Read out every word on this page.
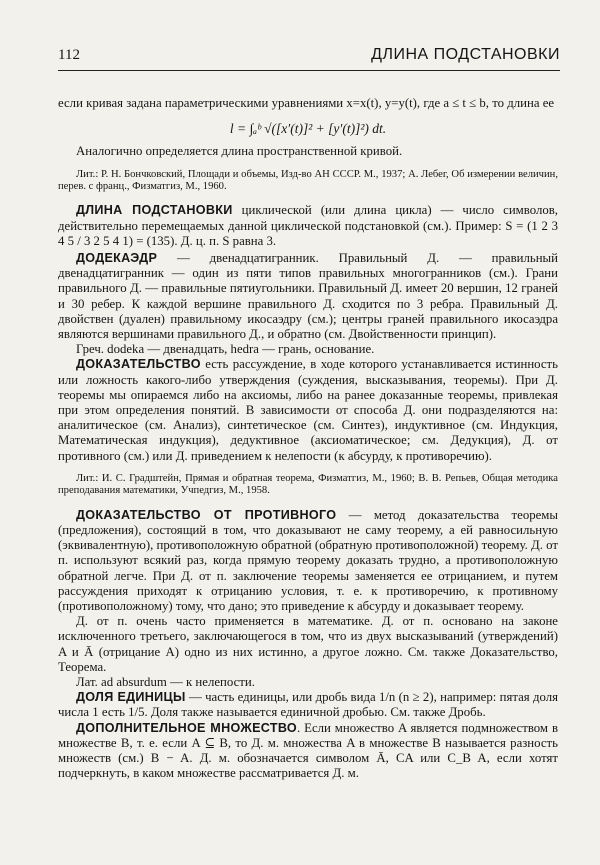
112	ДЛИНА ПОДСТАНОВКИ

если кривая задана параметрическими уравнениями x=x(t), y=y(t), где a ≤ t ≤ b, то длина ее

l = ∫ₐᵇ √([x′(t)]² + [y′(t)]²) dt.

Аналогично определяется длина пространственной кривой.

Лит.: Р. Н. Бончковский, Площади и объемы, Изд-во АН СССР. М., 1937; А. Лебег, Об измерении величин, перев. с франц., Физматгиз, М., 1960.

ДЛИНА ПОДСТАНОВКИ циклической (или длина цикла) — число символов, действительно перемещаемых данной циклической подстановкой (см.). Пример: S = (1 2 3 4 5 / 3 2 5 4 1) = (135). Д. ц. п. S равна 3.

ДОДЕКАЭДР — двенадцатигранник. Правильный Д. — правильный двенадцатигранник — один из пяти типов правильных многогранников (см.). Грани правильного Д. — правильные пятиугольники. Правильный Д. имеет 20 вершин, 12 граней и 30 ребер. К каждой вершине правильного Д. сходится по 3 ребра. Правильный Д. двойствен (дуален) правильному икосаэдру (см.); центры граней правильного икосаэдра являются вершинами правильного Д., и обратно (см. Двойственности принцип).

Греч. dodeka — двенадцать, hedra — грань, основание.

ДОКАЗАТЕЛЬСТВО есть рассуждение, в ходе которого устанавливается истинность или ложность какого-либо утверждения (суждения, высказывания, теоремы). При Д. теоремы мы опираемся либо на аксиомы, либо на ранее доказанные теоремы, привлекая при этом определения понятий. В зависимости от способа Д. они подразделяются на: аналитическое (см. Анализ), синтетическое (см. Синтез), индуктивное (см. Индукция, Математическая индукция), дедуктивное (аксиоматическое; см. Дедукция), Д. от противного (см.) или Д. приведением к нелепости (к абсурду, к противоречию).

Лит.: И. С. Градштейн, Прямая и обратная теорема, Физматгиз, М., 1960; В. В. Репьев, Общая методика преподавания математики, Учпедгиз, М., 1958.

ДОКАЗАТЕЛЬСТВО ОТ ПРОТИВНОГО — метод доказательства теоремы (предложения), состоящий в том, что доказывают не саму теорему, а ей равносильную (эквивалентную), противоположную обратной (обратную противоположной) теорему. Д. от п. используют всякий раз, когда прямую теорему доказать трудно, а противоположную обратной легче. При Д. от п. заключение теоремы заменяется ее отрицанием, и путем рассуждения приходят к отрицанию условия, т. е. к противоречию, к противному (противоположному) тому, что дано; это приведение к абсурду и доказывает теорему.

Д. от п. очень часто применяется в математике. Д. от п. основано на законе исключенного третьего, заключающегося в том, что из двух высказываний (утверждений) A и Ā (отрицание A) одно из них истинно, а другое ложно. См. также Доказательство, Теорема.

Лат. ad absurdum — к нелепости.

ДОЛЯ ЕДИНИЦЫ — часть единицы, или дробь вида 1/n (n ≥ 2), например: пятая доля числа 1 есть 1/5. Доля также называется единичной дробью. См. также Дробь.

ДОПОЛНИТЕЛЬНОЕ МНОЖЕСТВО. Если множество A является подмножеством в множестве B, т. е. если A ⊆ B, то Д. м. множества A в множестве B называется разность множеств (см.) B − A. Д. м. обозначается символом Ā, CA или C_B A, если хотят подчеркнуть, в каком множестве рассматривается Д. м.
